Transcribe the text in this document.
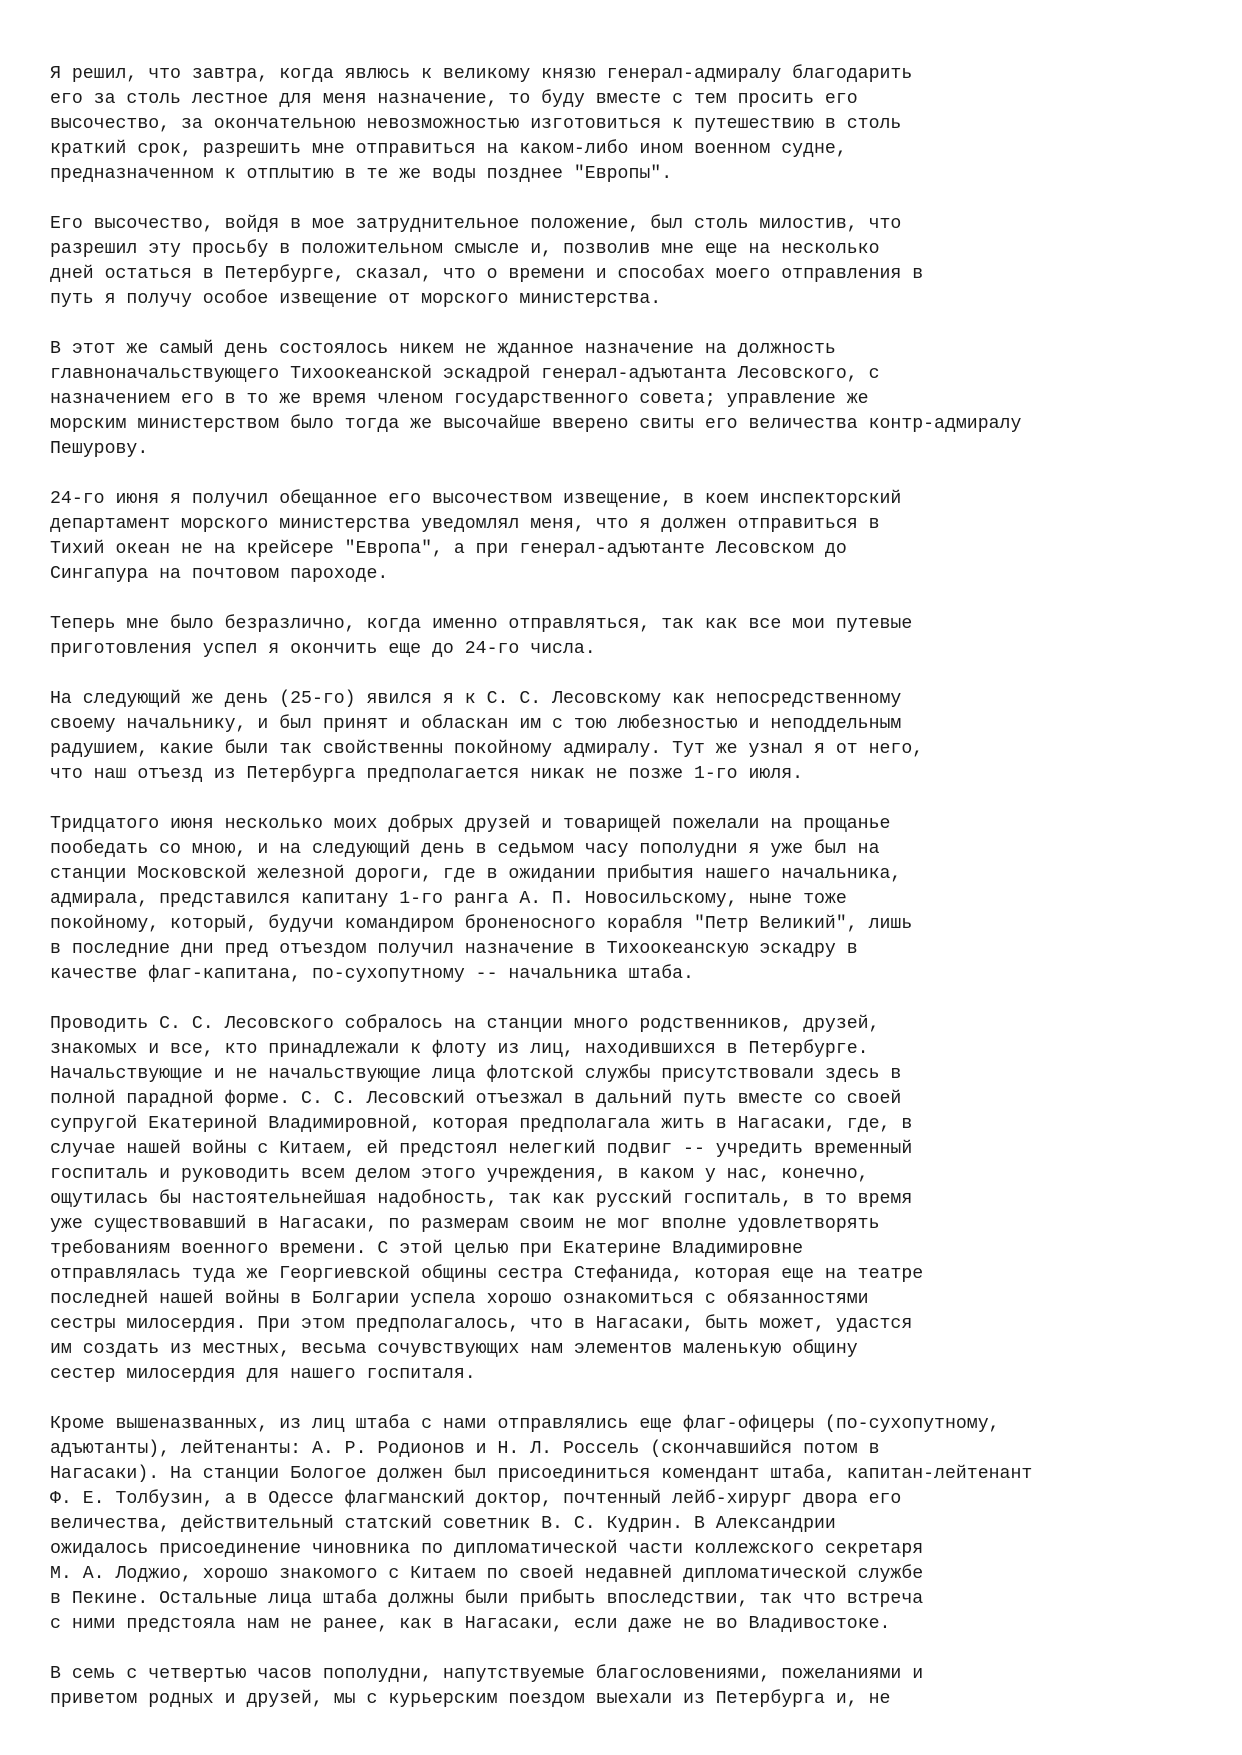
Я решил, что завтра, когда явлюсь к великому князю генерал-адмиралу благодарить
его за столь лестное для меня назначение, то буду вместе с тем просить его
высочество, за окончательною невозможностью изготовиться к путешествию в столь
краткий срок, разрешить мне отправиться на каком-либо ином военном судне,
предназначенном к отплытию в те же воды позднее "Европы".

Его высочество, войдя в мое затруднительное положение, был столь милостив, что
разрешил эту просьбу в положительном смысле и, позволив мне еще на несколько
дней остаться в Петербурге, сказал, что о времени и способах моего отправления в
путь я получу особое извещение от морского министерства.

В этот же самый день состоялось никем не жданное назначение на должность
главноначальствующего Тихоокеанской эскадрой генерал-адъютанта Лесовского, с
назначением его в то же время членом государственного совета; управление же
морским министерством было тогда же высочайше вверено свиты его величества контр-адмиралу
Пешурову.

24-го июня я получил обещанное его высочеством извещение, в коем инспекторский
департамент морского министерства уведомлял меня, что я должен отправиться в
Тихий океан не на крейсере "Европа", а при генерал-адъютанте Лесовском до
Сингапура на почтовом пароходе.

Теперь мне было безразлично, когда именно отправляться, так как все мои путевые
приготовления успел я окончить еще до 24-го числа.

На следующий же день (25-го) явился я к С. С. Лесовскому как непосредственному
своему начальнику, и был принят и обласкан им с тою любезностью и неподдельным
радушием, какие были так свойственны покойному адмиралу. Тут же узнал я от него,
что наш отъезд из Петербурга предполагается никак не позже 1-го июля.

Тридцатого июня несколько моих добрых друзей и товарищей пожелали на прощанье
пообедать со мною, и на следующий день в седьмом часу пополудни я уже был на
станции Московской железной дороги, где в ожидании прибытия нашего начальника,
адмирала, представился капитану 1-го ранга А. П. Новосильскому, ныне тоже
покойному, который, будучи командиром броненосного корабля "Петр Великий", лишь
в последние дни пред отъездом получил назначение в Тихоокеанскую эскадру в
качестве флаг-капитана, по-сухопутному -- начальника штаба.

Проводить С. С. Лесовского собралось на станции много родственников, друзей,
знакомых и все, кто принадлежали к флоту из лиц, находившихся в Петербурге.
Начальствующие и не начальствующие лица флотской службы присутствовали здесь в
полной парадной форме. С. С. Лесовский отъезжал в дальний путь вместе со своей
супругой Екатериной Владимировной, которая предполагала жить в Нагасаки, где, в
случае нашей войны с Китаем, ей предстоял нелегкий подвиг -- учредить временный
госпиталь и руководить всем делом этого учреждения, в каком у нас, конечно,
ощутилась бы настоятельнейшая надобность, так как русский госпиталь, в то время
уже существовавший в Нагасаки, по размерам своим не мог вполне удовлетворять
требованиям военного времени. С этой целью при Екатерине Владимировне
отправлялась туда же Георгиевской общины сестра Стефанида, которая еще на театре
последней нашей войны в Болгарии успела хорошо ознакомиться с обязанностями
сестры милосердия. При этом предполагалось, что в Нагасаки, быть может, удастся
им создать из местных, весьма сочувствующих нам элементов маленькую общину
сестер милосердия для нашего госпиталя.

Кроме вышеназванных, из лиц штаба с нами отправлялись еще флаг-офицеры (по-сухопутному,
адъютанты), лейтенанты: А. Р. Родионов и Н. Л. Россель (скончавшийся потом в
Нагасаки). На станции Бологое должен был присоединиться комендант штаба, капитан-лейтенант
Ф. Е. Толбузин, а в Одессе флагманский доктор, почтенный лейб-хирург двора его
величества, действительный статский советник В. С. Кудрин. В Александрии
ожидалось присоединение чиновника по дипломатической части коллежского секретаря
М. А. Лоджио, хорошо знакомого с Китаем по своей недавней дипломатической службе
в Пекине. Остальные лица штаба должны были прибыть впоследствии, так что встреча
с ними предстояла нам не ранее, как в Нагасаки, если даже не во Владивостоке.

В семь с четвертью часов пополудни, напутствуемые благословениями, пожеланиями и
приветом родных и друзей, мы с курьерским поездом выехали из Петербурга и, не
